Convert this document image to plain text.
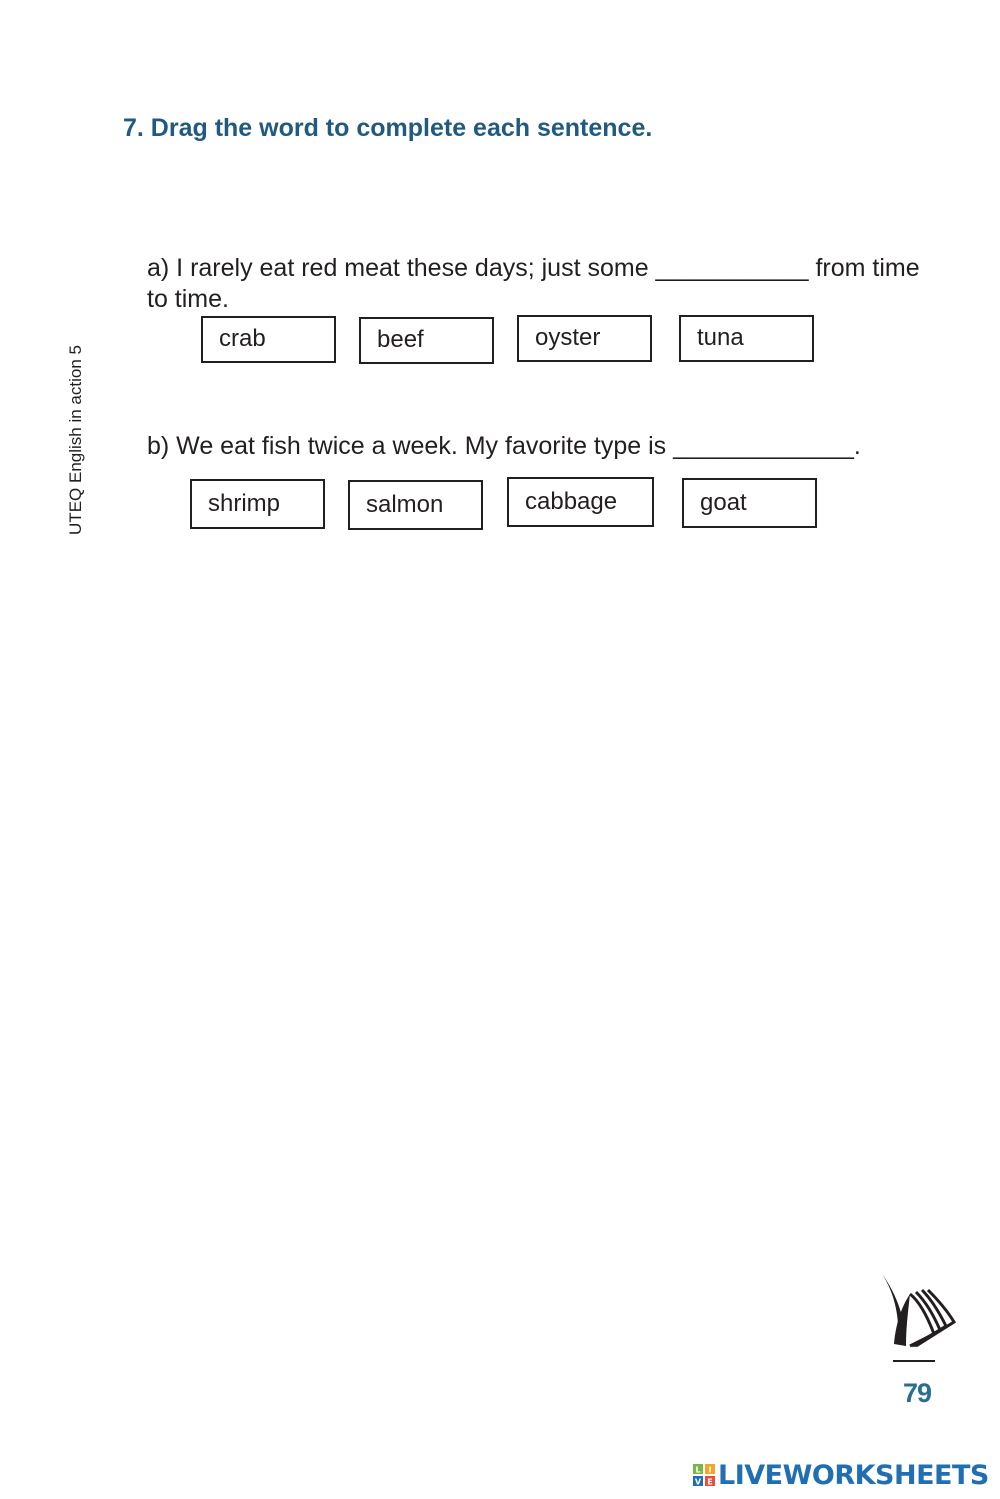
UTEQ English in action 5
7. Drag the word to complete each sentence.

a) I rarely eat red meat these days; just some ___________ from time to time.

crab	beef	oyster	tuna

b) We eat fish twice a week. My favorite type is _____________.

shrimp	salmon	cabbage	goat
79
L I
V E LIVEWORKSHEETS
